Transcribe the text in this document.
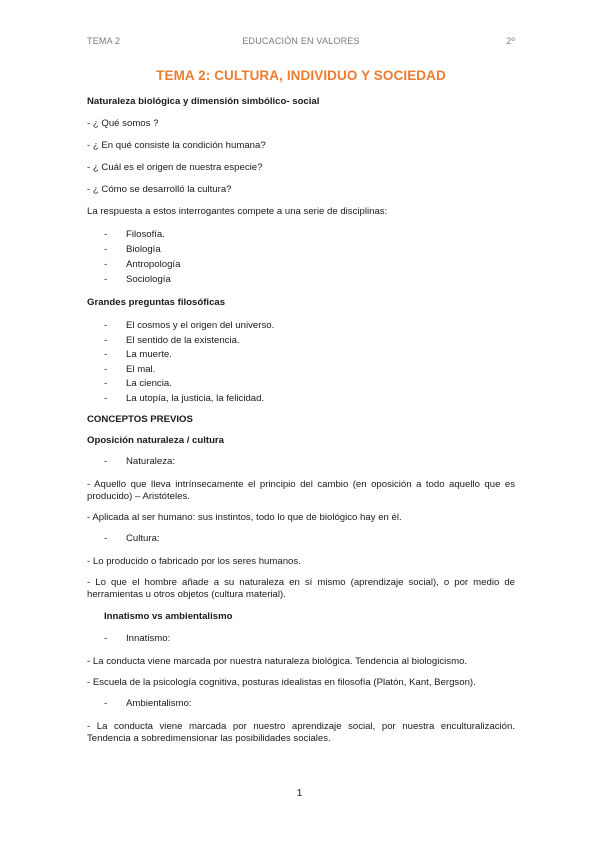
TEMA 2	EDUCACIÓN EN VALORES	2º
TEMA 2: CULTURA, INDIVIDUO Y SOCIEDAD

Naturaleza biológica y dimensión simbólico- social

- ¿ Qué somos ?

- ¿ En qué consiste la condición humana?

- ¿ Cuál es el origen de nuestra especie?

- ¿ Cómo se desarrolló la cultura?

La respuesta a estos interrogantes compete a una serie de disciplinas:

-	Filosofía.
-	Biología
-	Antropología
-	Sociología

Grandes preguntas filosóficas

-	El cosmos y el origen del universo.
-	El sentido de la existencia.
-	La muerte.
-	El mal.
-	La ciencia.
-	La utopía, la justicia, la felicidad.

CONCEPTOS PREVIOS

Oposición naturaleza / cultura

-	Naturaleza:

- Aquello que lleva intrínsecamente el principio del cambio (en oposición a todo aquello que es producido) – Aristóteles.

- Aplicada al ser humano: sus instintos, todo lo que de biológico hay en él.

-	Cultura:

- Lo producido o fabricado por los seres humanos.

- Lo que el hombre añade a su naturaleza en sí mismo (aprendizaje social), o por medio de herramientas u otros objetos (cultura material).

Innatismo vs ambientalismo

-	Innatismo:

- La conducta viene marcada por nuestra naturaleza biológica. Tendencia al biologicismo.

- Escuela de la psicología cognitiva, posturas idealistas en filosofía (Platón, Kant, Bergson).

-	Ambientalismo:

- La conducta viene marcada por nuestro aprendizaje social, por nuestra enculturalización. Tendencia a sobredimensionar las posibilidades sociales.

1
